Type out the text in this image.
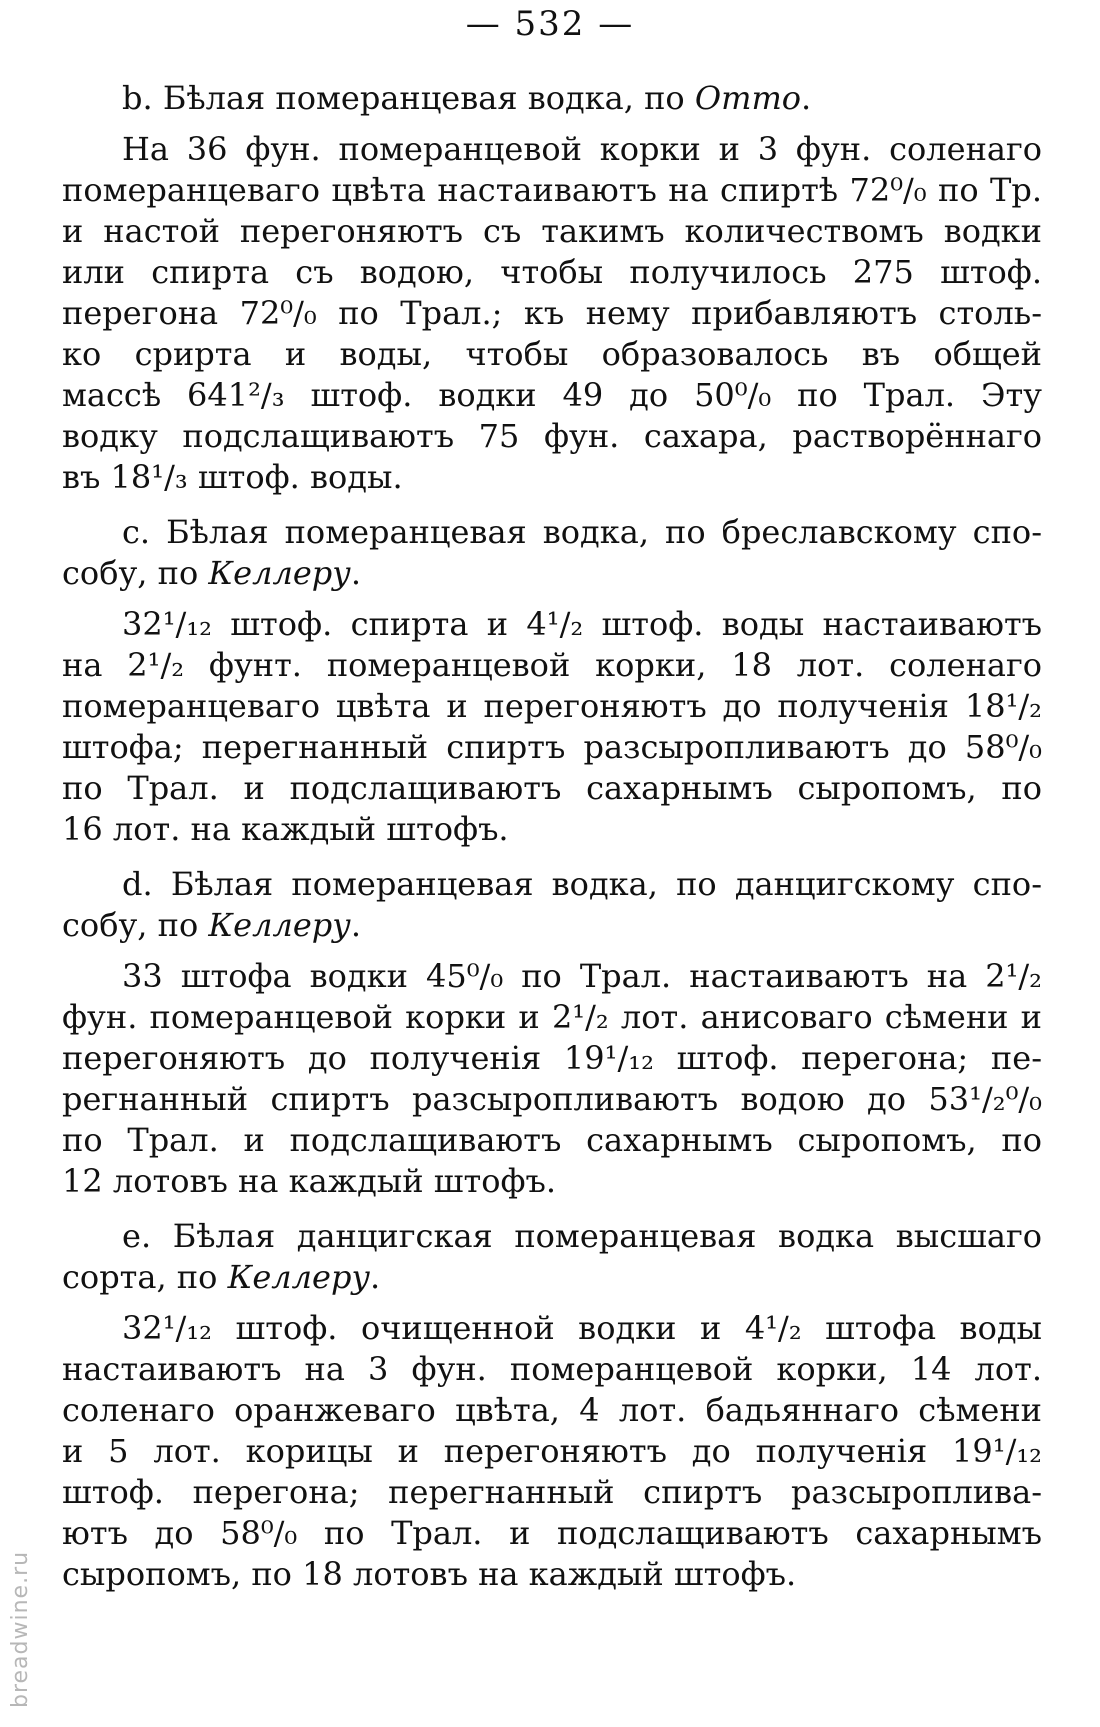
— 532 —
b. Бѣлая померанцевая водка, по Отто.
На 36 фун. померанцевой корки и 3 фун. соленаго
померанцеваго цвѣта настаиваютъ на спиртѣ 72⁰/₀ по Тр.
и настой перегоняютъ съ такимъ количествомъ водки
или спирта съ водою, чтобы получилось 275 штоф.
перегона 72⁰/₀ по Трал.; къ нему прибавляютъ столь-
ко срирта и воды, чтобы образовалось въ общей
массѣ 641²/₃ штоф. водки 49 до 50⁰/₀ по Трал. Эту
водку подслащиваютъ 75 фун. сахара, растворённаго
въ 18¹/₃ штоф. воды.
c. Бѣлая померанцевая водка, по бреславскому спо-
собу, по Келлеру.
32¹/₁₂ штоф. спирта и 4¹/₂ штоф. воды настаиваютъ
на 2¹/₂ фунт. померанцевой корки, 18 лот. соленаго
померанцеваго цвѣта и перегоняютъ до полученія 18¹/₂
штофа; перегнанный спиртъ разсыропливаютъ до 58⁰/₀
по Трал. и подслащиваютъ сахарнымъ сыропомъ, по
16 лот. на каждый штофъ.
d. Бѣлая померанцевая водка, по данцигскому спо-
собу, по Келлеру.
33 штофа водки 45⁰/₀ по Трал. настаиваютъ на 2¹/₂
фун. померанцевой корки и 2¹/₂ лот. анисоваго сѣмени и
перегоняютъ до полученія 19¹/₁₂ штоф. перегона; пе-
регнанный спиртъ разсыропливаютъ водою до 53¹/₂⁰/₀
по Трал. и подслащиваютъ сахарнымъ сыропомъ, по
12 лотовъ на каждый штофъ.
e. Бѣлая данцигская померанцевая водка высшаго
сорта, по Келлеру.
32¹/₁₂ штоф. очищенной водки и 4¹/₂ штофа воды
настаиваютъ на 3 фун. померанцевой корки, 14 лот.
соленаго оранжеваго цвѣта, 4 лот. бадьяннаго сѣмени
и 5 лот. корицы и перегоняютъ до полученія 19¹/₁₂
штоф. перегона; перегнанный спиртъ разсыроплива-
ютъ до 58⁰/₀ по Трал. и подслащиваютъ сахарнымъ
сыропомъ, по 18 лотовъ на каждый штофъ.
breadwine.ru
